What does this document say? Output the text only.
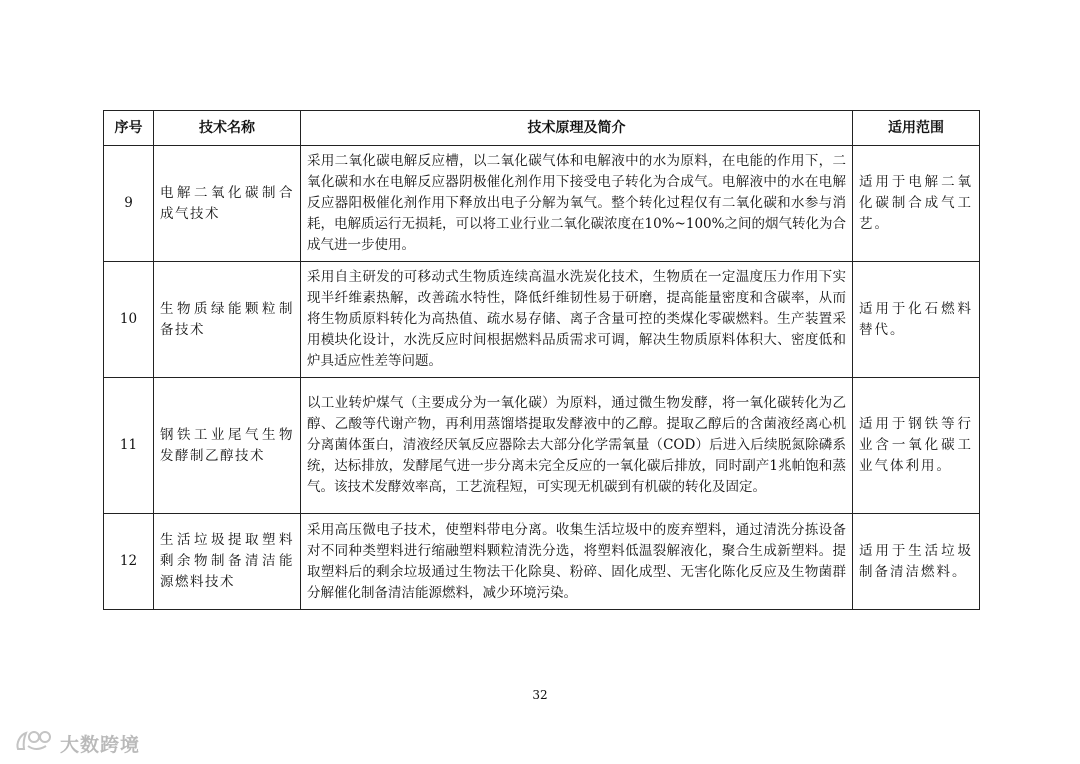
序号	技术名称	技术原理及简介	适用范围
9	电解二氧化碳制合成气技术	采用二氧化碳电解反应槽，以二氧化碳气体和电解液中的水为原料，在电能的作用下，二氧化碳和水在电解反应器阴极催化剂作用下接受电子转化为合成气。电解液中的水在电解反应器阳极催化剂作用下释放出电子分解为氧气。整个转化过程仅有二氧化碳和水参与消耗，电解质运行无损耗，可以将工业行业二氧化碳浓度在10%~100%之间的烟气转化为合成气进一步使用。	适用于电解二氧化碳制合成气工艺。
10	生物质绿能颗粒制备技术	采用自主研发的可移动式生物质连续高温水洗炭化技术，生物质在一定温度压力作用下实现半纤维素热解，改善疏水特性，降低纤维韧性易于研磨，提高能量密度和含碳率，从而将生物质原料转化为高热值、疏水易存储、离子含量可控的类煤化零碳燃料。生产装置采用模块化设计，水洗反应时间根据燃料品质需求可调，解决生物质原料体积大、密度低和炉具适应性差等问题。	适用于化石燃料替代。
11	钢铁工业尾气生物发酵制乙醇技术	以工业转炉煤气（主要成分为一氧化碳）为原料，通过微生物发酵，将一氧化碳转化为乙醇、乙酸等代谢产物，再利用蒸馏塔提取发酵液中的乙醇。提取乙醇后的含菌液经离心机分离菌体蛋白，清液经厌氧反应器除去大部分化学需氧量（COD）后进入后续脱氮除磷系统，达标排放，发酵尾气进一步分离未完全反应的一氧化碳后排放，同时副产1兆帕饱和蒸气。该技术发酵效率高，工艺流程短，可实现无机碳到有机碳的转化及固定。	适用于钢铁等行业含一氧化碳工业气体利用。
12	生活垃圾提取塑料剩余物制备清洁能源燃料技术	采用高压微电子技术，使塑料带电分离。收集生活垃圾中的废弃塑料，通过清洗分拣设备对不同种类塑料进行缩融塑料颗粒清洗分选，将塑料低温裂解液化，聚合生成新塑料。提取塑料后的剩余垃圾通过生物法干化除臭、粉碎、固化成型、无害化陈化反应及生物菌群分解催化制备清洁能源燃料，减少环境污染。	适用于生活垃圾制备清洁燃料。
32
大数跨境
